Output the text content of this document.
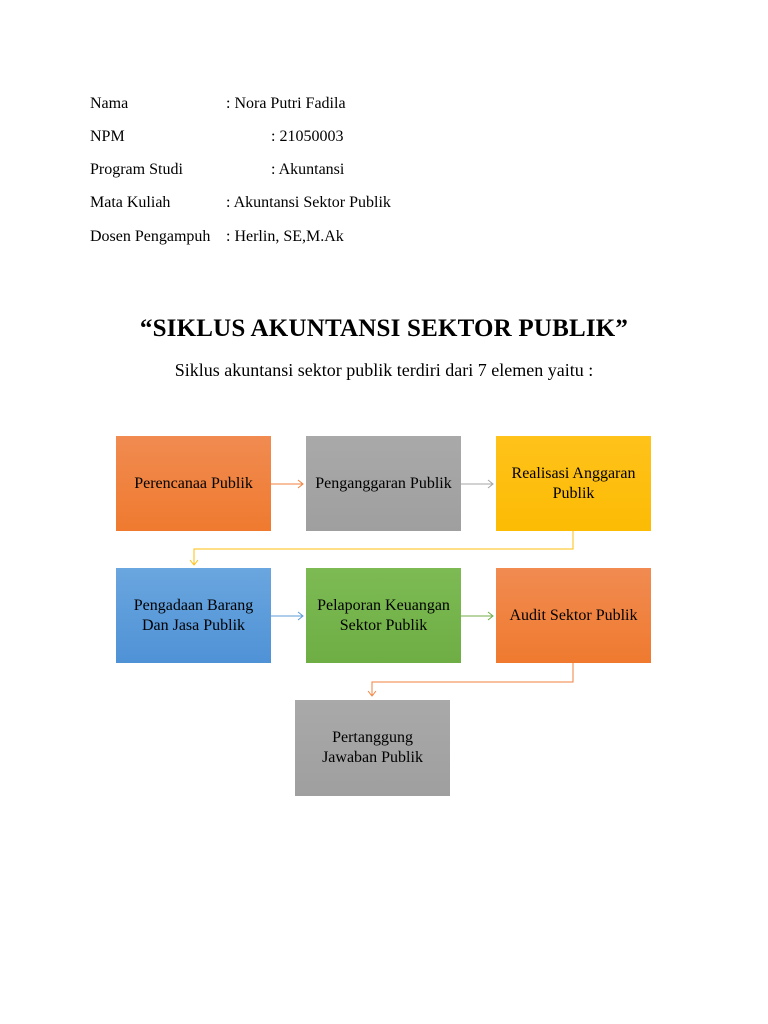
Nama	: Nora Putri Fadila
NPM	: 21050003
Program Studi	: Akuntansi
Mata Kuliah	: Akuntansi Sektor Publik
Dosen Pengampuh : Herlin, SE,M.Ak
“SIKLUS AKUNTANSI SEKTOR PUBLIK”
Siklus akuntansi sektor publik terdiri dari 7 elemen yaitu :
Perencanaa Publik	Penganggaran Publik
Realisasi Anggaran Publik
Pengadaan Barang Dan Jasa Publik
Pelaporan Keuangan Sektor Publik
Audit Sektor Publik
Pertanggung Jawaban Publik
